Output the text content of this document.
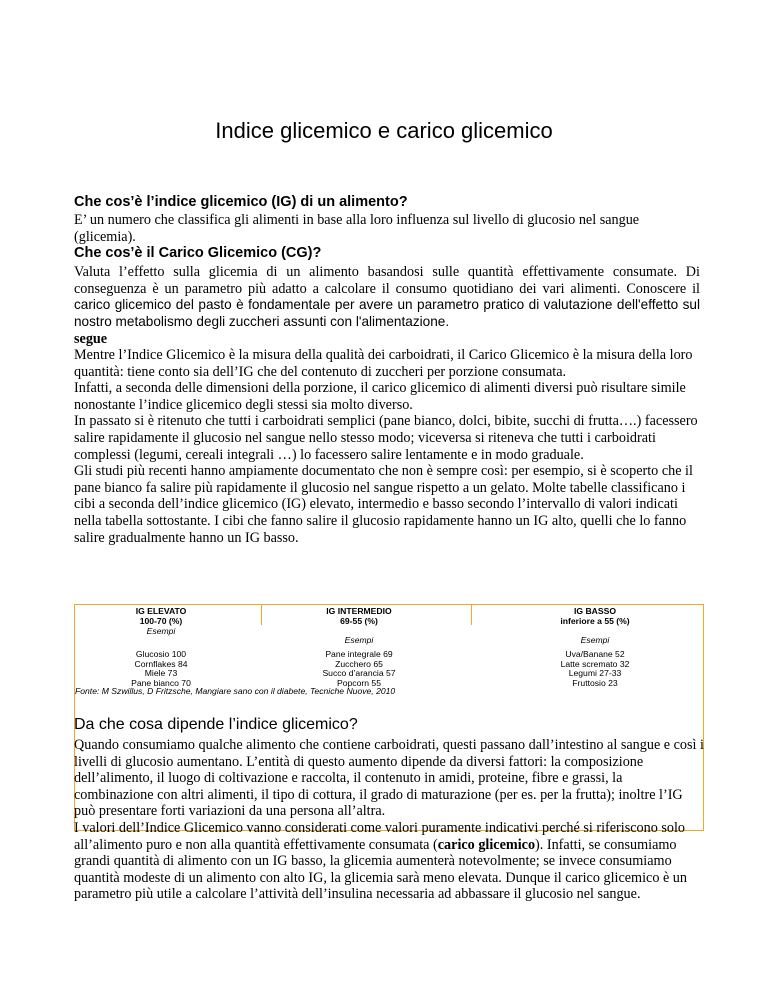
Indice glicemico e carico glicemico
Che cos’è l’indice glicemico (IG) di un alimento?
E’ un numero che classifica gli alimenti in base alla loro influenza sul livello di glucosio nel sangue (glicemia).
Che cos’è il Carico Glicemico (CG)?
Valuta l’effetto sulla glicemia di un alimento basandosi sulle quantità effettivamente consumate. Di conseguenza è un parametro più adatto a calcolare il consumo quotidiano dei vari alimenti. Conoscere il carico glicemico del pasto è fondamentale per avere un parametro pratico di valutazione dell'effetto sul nostro metabolismo degli zuccheri assunti con l'alimentazione.
segue

Mentre l’Indice Glicemico è la misura della qualità dei carboidrati, il Carico Glicemico è la misura della loro quantità: tiene conto sia dell’IG che del contenuto di zuccheri per porzione consumata.

Infatti, a seconda delle dimensioni della porzione, il carico glicemico di alimenti diversi può risultare simile nonostante l’indice glicemico degli stessi sia molto diverso.

In passato si è ritenuto che tutti i carboidrati semplici (pane bianco, dolci, bibite, succhi di frutta….) facessero salire rapidamente il glucosio nel sangue nello stesso modo; viceversa si riteneva che tutti i carboidrati complessi (legumi, cereali integrali …) lo facessero salire lentamente e in modo graduale.

Gli studi più recenti hanno ampiamente documentato che non è sempre così: per esempio, si è scoperto che il pane bianco fa salire più rapidamente il glucosio nel sangue rispetto a un gelato. Molte tabelle classificano i cibi a seconda dell’indice glicemico (IG) elevato, intermedio e basso secondo l’intervallo di valori indicati nella tabella sottostante. I cibi che fanno salire il glucosio rapidamente hanno un IG alto, quelli che lo fanno salire gradualmente hanno un IG basso.

IG ELEVATO
100-70 (%)
Esempi
Glucosio 100
Cornflakes 84
Miele 73
Pane bianco 70
IG INTERMEDIO
69-55 (%)
Esempi
Pane integrale 69
Zucchero 65
Succo d’arancia 57
Popcorn 55
IG BASSO
inferiore a 55 (%)
Esempi
Uva/Banane 52
Latte scremato 32
Legumi 27-33
Fruttosio 23
Fonte: M Szwillus, D Fritzsche, Mangiare sano con il diabete, Tecniche Nuove, 2010
Da che cosa dipende l’indice glicemico?

Quando consumiamo qualche alimento che contiene carboidrati, questi passano dall’intestino al sangue e così i livelli di glucosio aumentano. L’entità di questo aumento dipende da diversi fattori: la composizione dell’alimento, il luogo di coltivazione e raccolta, il contenuto in amidi, proteine, fibre e grassi, la combinazione con altri alimenti, il tipo di cottura, il grado di maturazione (per es. per la frutta); inoltre l’IG può presentare forti variazioni da una persona all’altra.

I valori dell’Indice Glicemico vanno considerati come valori puramente indicativi perché si riferiscono solo all’alimento puro e non alla quantità effettivamente consumata (carico glicemico). Infatti, se consumiamo grandi quantità di alimento con un IG basso, la glicemia aumenterà notevolmente; se invece consumiamo quantità modeste di un alimento con alto IG, la glicemia sarà meno elevata. Dunque il carico glicemico è un parametro più utile a calcolare l’attività dell’insulina necessaria ad abbassare il glucosio nel sangue.
